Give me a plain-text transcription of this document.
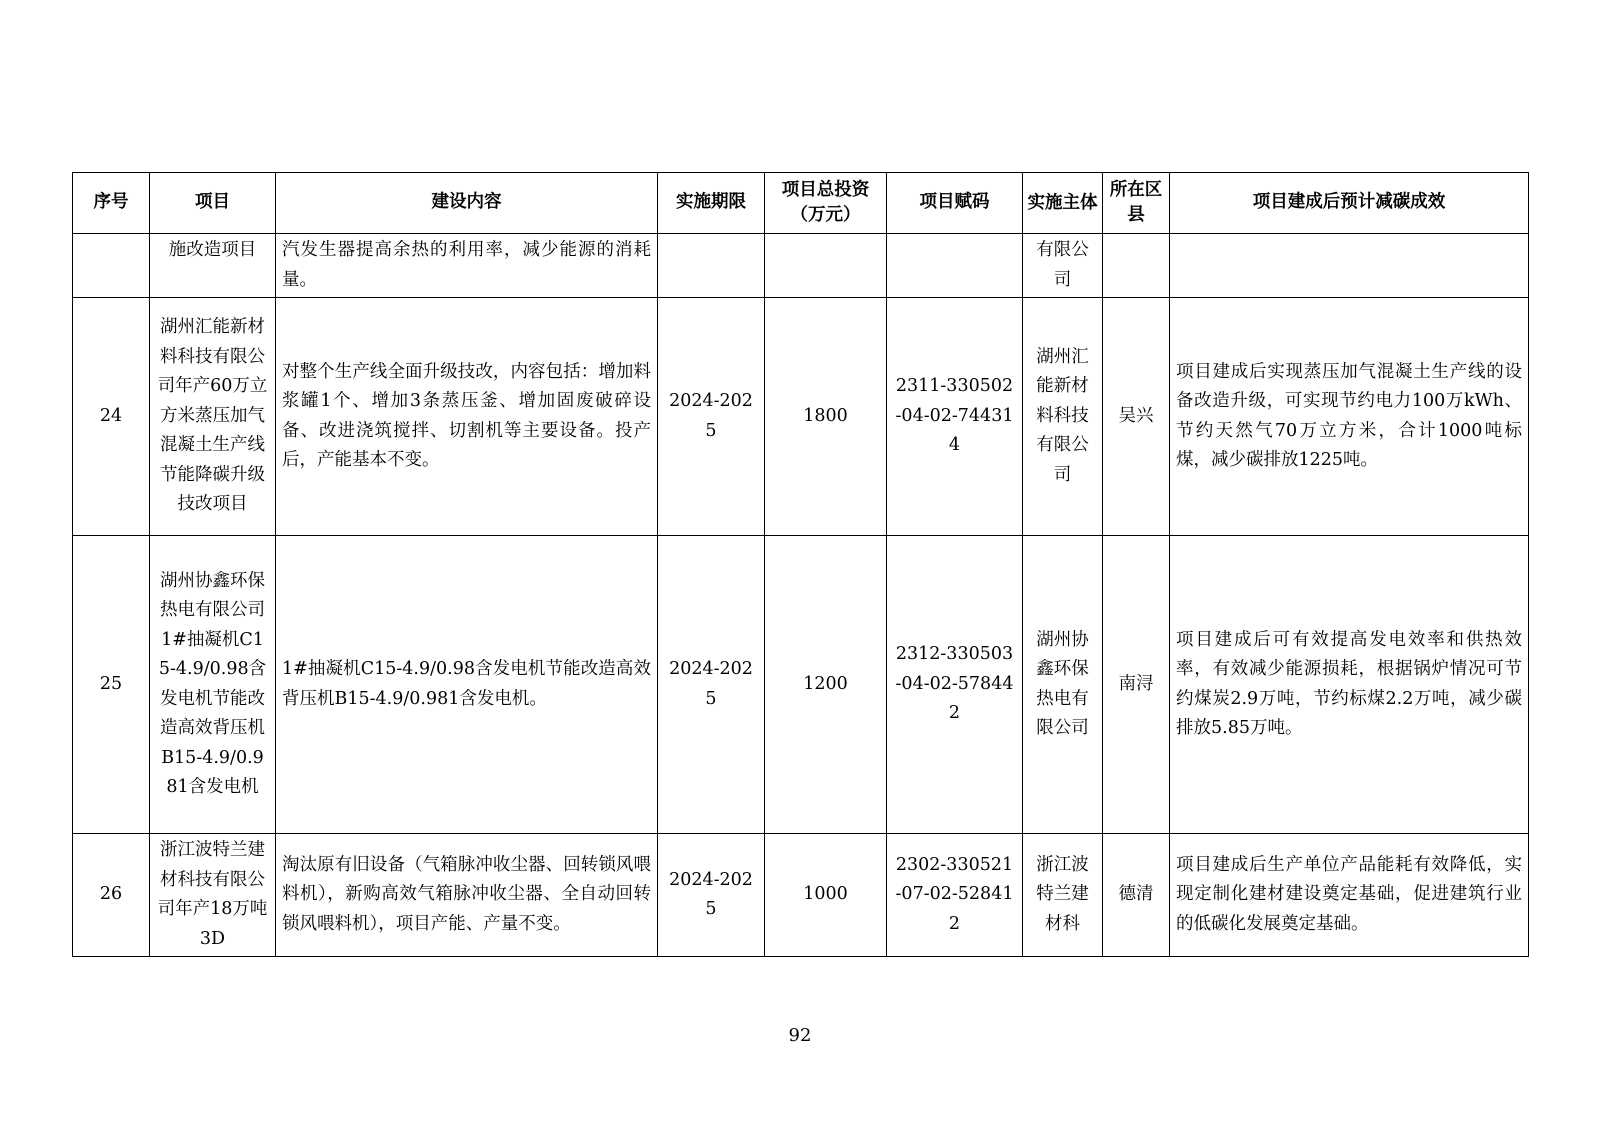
序号	项目	建设内容	实施期限	项目总投资（万元）	项目赋码	实施主体	所在区县	项目建成后预计减碳成效
	施改造项目	汽发生器提高余热的利用率，减少能源的消耗量。				有限公司		
24	湖州汇能新材料科技有限公司年产60万立方米蒸压加气混凝土生产线节能降碳升级技改项目	对整个生产线全面升级技改，内容包括：增加料浆罐1个、增加3条蒸压釜、增加固废破碎设备、改进浇筑搅拌、切割机等主要设备。投产后，产能基本不变。	2024-2025	1800	2311-330502-04-02-744314	湖州汇能新材料科技有限公司	吴兴	项目建成后实现蒸压加气混凝土生产线的设备改造升级，可实现节约电力100万kWh、节约天然气70万立方米，合计1000吨标煤，减少碳排放1225吨。
25	湖州协鑫环保热电有限公司1#抽凝机C15-4.9/0.98含发电机节能改造高效背压机B15-4.9/0.981含发电机	1#抽凝机C15-4.9/0.98含发电机节能改造高效背压机B15-4.9/0.981含发电机。	2024-2025	1200	2312-330503-04-02-578442	湖州协鑫环保热电有限公司	南浔	项目建成后可有效提高发电效率和供热效率，有效减少能源损耗，根据锅炉情况可节约煤炭2.9万吨，节约标煤2.2万吨，减少碳排放5.85万吨。
26	浙江波特兰建材科技有限公司年产18万吨3D	淘汰原有旧设备（气箱脉冲收尘器、回转锁风喂料机），新购高效气箱脉冲收尘器、全自动回转锁风喂料机），项目产能、产量不变。	2024-2025	1000	2302-330521-07-02-528412	浙江波特兰建材科	德清	项目建成后生产单位产品能耗有效降低，实现定制化建材建设奠定基础，促进建筑行业的低碳化发展奠定基础。
92
